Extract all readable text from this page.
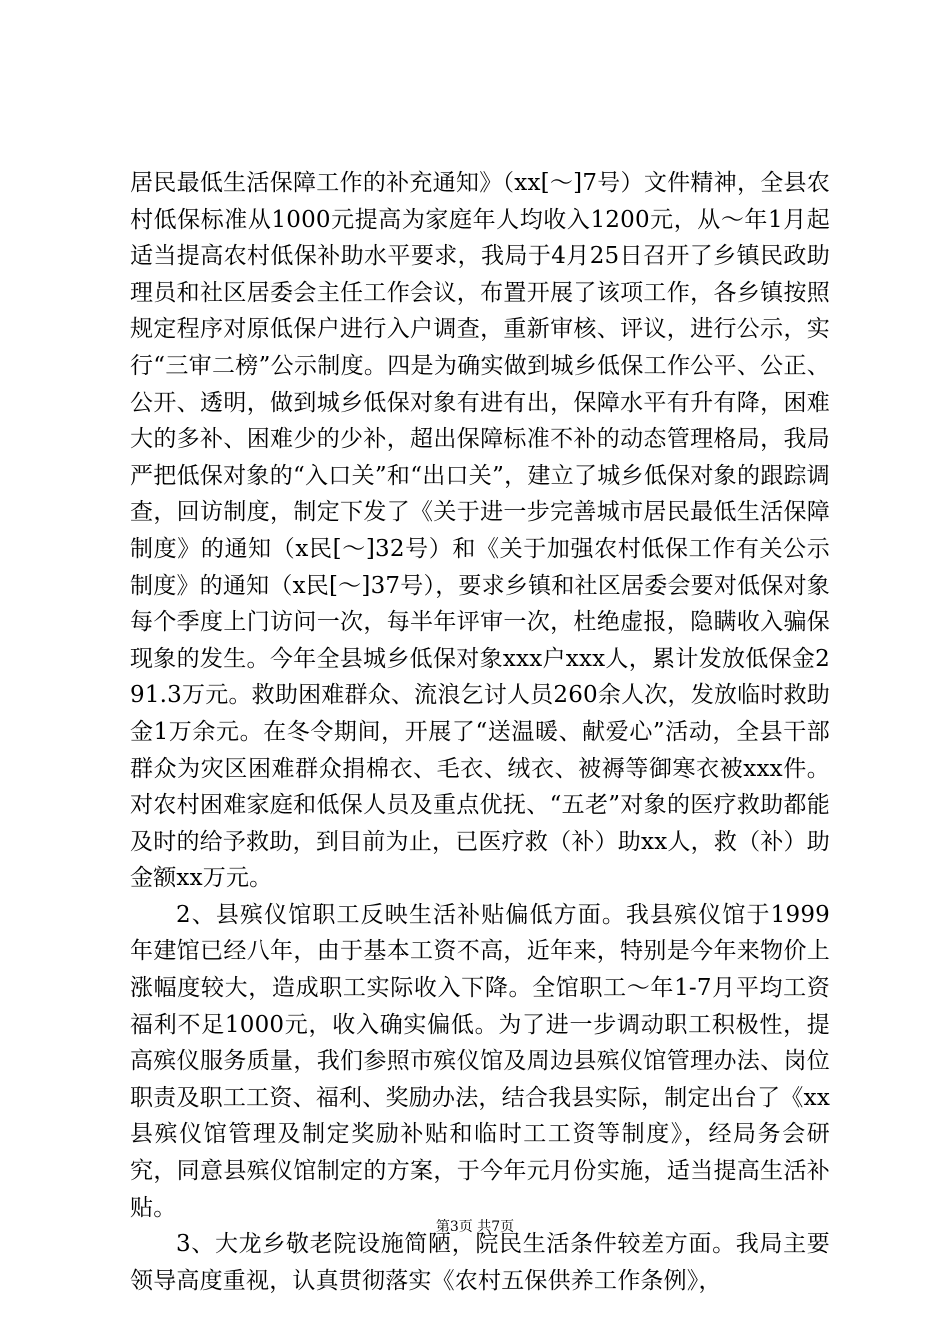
居民最低生活保障工作的补充通知》（xx[～]7号）文件精神，全县农村低保标准从1000元提高为家庭年人均收入1200元，从～年1月起适当提高农村低保补助水平要求，我局于4月25日召开了乡镇民政助理员和社区居委会主任工作会议，布置开展了该项工作，各乡镇按照规定程序对原低保户进行入户调查，重新审核、评议，进行公示，实行“三审二榜”公示制度。四是为确实做到城乡低保工作公平、公正、公开、透明，做到城乡低保对象有进有出，保障水平有升有降，困难大的多补、困难少的少补，超出保障标准不补的动态管理格局，我局严把低保对象的“入口关”和“出口关”，建立了城乡低保对象的跟踪调查，回访制度，制定下发了《关于进一步完善城市居民最低生活保障制度》的通知（x民[～]32号）和《关于加强农村低保工作有关公示制度》的通知（x民[～]37号），要求乡镇和社区居委会要对低保对象每个季度上门访问一次，每半年评审一次，杜绝虚报，隐瞒收入骗保现象的发生。今年全县城乡低保对象xxx户xxx人，累计发放低保金291.3万元。救助困难群众、流浪乞讨人员260余人次，发放临时救助金1万余元。在冬令期间，开展了“送温暖、献爱心”活动，全县干部群众为灾区困难群众捐棉衣、毛衣、绒衣、被褥等御寒衣被xxx件。对农村困难家庭和低保人员及重点优抚、“五老”对象的医疗救助都能及时的给予救助，到目前为止，已医疗救（补）助xx人，救（补）助金额xx万元。

2、县殡仪馆职工反映生活补贴偏低方面。我县殡仪馆于1999年建馆已经八年，由于基本工资不高，近年来，特别是今年来物价上涨幅度较大，造成职工实际收入下降。全馆职工～年1-7月平均工资福利不足1000元，收入确实偏低。为了进一步调动职工积极性，提高殡仪服务质量，我们参照市殡仪馆及周边县殡仪馆管理办法、岗位职责及职工工资、福利、奖励办法，结合我县实际，制定出台了《xx县殡仪馆管理及制定奖励补贴和临时工工资等制度》，经局务会研究，同意县殡仪馆制定的方案，于今年元月份实施，适当提高生活补贴。

3、大龙乡敬老院设施简陋，院民生活条件较差方面。我局主要领导高度重视，认真贯彻落实《农村五保供养工作条例》，

第3页 共7页
